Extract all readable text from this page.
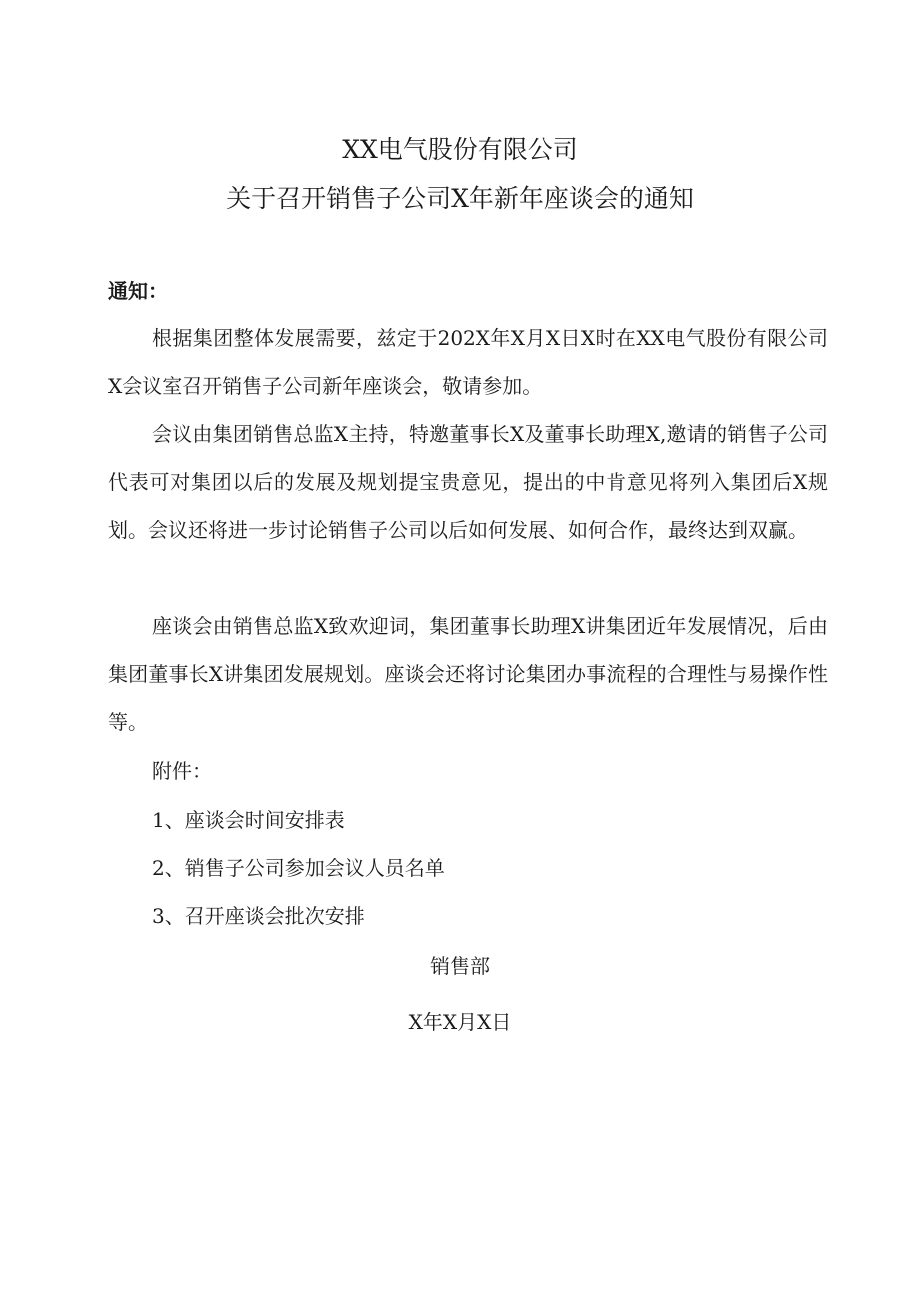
XX电气股份有限公司
关于召开销售子公司X年新年座谈会的通知
通知：

根据集团整体发展需要，兹定于202X年X月X日X时在XX电气股份有限公司X会议室召开销售子公司新年座谈会，敬请参加。

会议由集团销售总监X主持，特邀董事长X及董事长助理X,邀请的销售子公司代表可对集团以后的发展及规划提宝贵意见，提出的中肯意见将列入集团后X规划。会议还将进一步讨论销售子公司以后如何发展、如何合作，最终达到双赢。

座谈会由销售总监X致欢迎词，集团董事长助理X讲集团近年发展情况，后由集团董事长X讲集团发展规划。座谈会还将讨论集团办事流程的合理性与易操作性等。

附件：
1、座谈会时间安排表
2、销售子公司参加会议人员名单
3、召开座谈会批次安排
销售部
X年X月X日
